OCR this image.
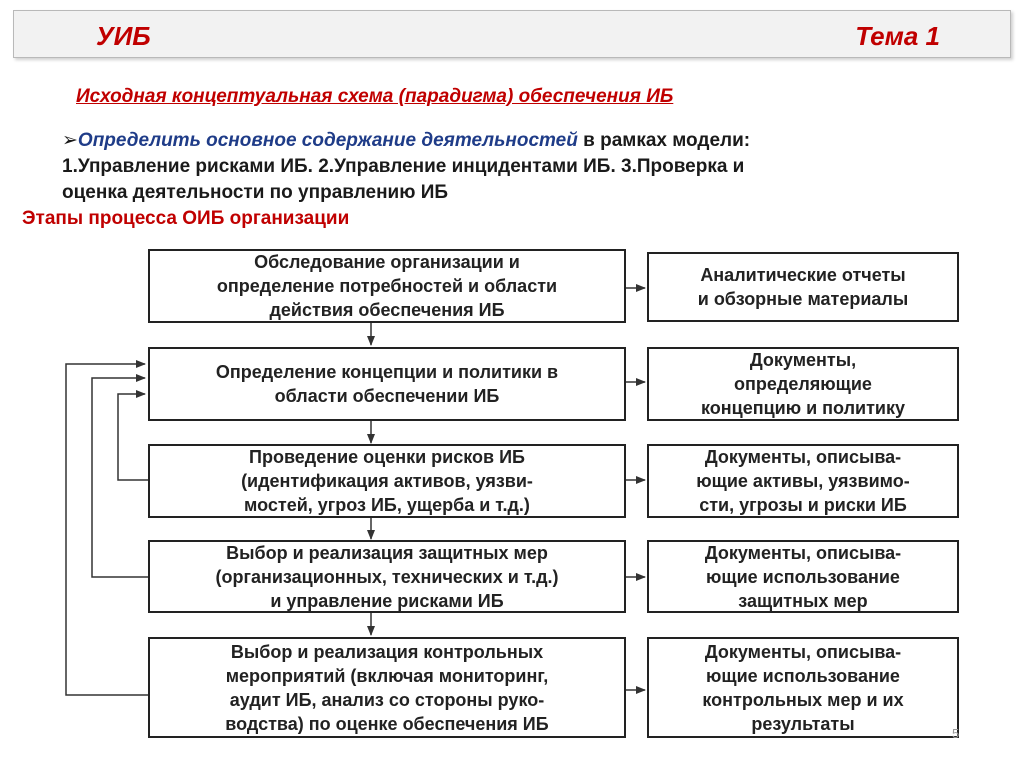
УИБ	Тема 1
Исходная концептуальная схема (парадигма) обеспечения ИБ
➢Определить основное содержание деятельностей в рамках модели:
1.Управление рисками ИБ. 2.Управление инцидентами ИБ. 3.Проверка и
оценка деятельности по управлению ИБ
Этапы процесса ОИБ организации
Обследование организации и
определение потребностей и области
действия обеспечения ИБ
Определение концепции и политики в
области обеспечении ИБ
Проведение оценки рисков ИБ
(идентификация активов, уязви-
мостей, угроз ИБ, ущерба и т.д.)
Выбор и реализация защитных мер
(организационных, технических и т.д.)
и управление рисками ИБ
Выбор и реализация контрольных
мероприятий (включая мониторинг,
аудит ИБ, анализ со стороны руко-
водства) по оценке обеспечения ИБ
Аналитические отчеты
и обзорные материалы
Документы,
определяющие
концепцию и политику
Документы, описыва-
ющие активы, уязвимо-
сти, угрозы и риски ИБ
Документы, описыва-
ющие использование
защитных мер
Документы, описыва-
ющие использование
контрольных мер и их
результаты	5
